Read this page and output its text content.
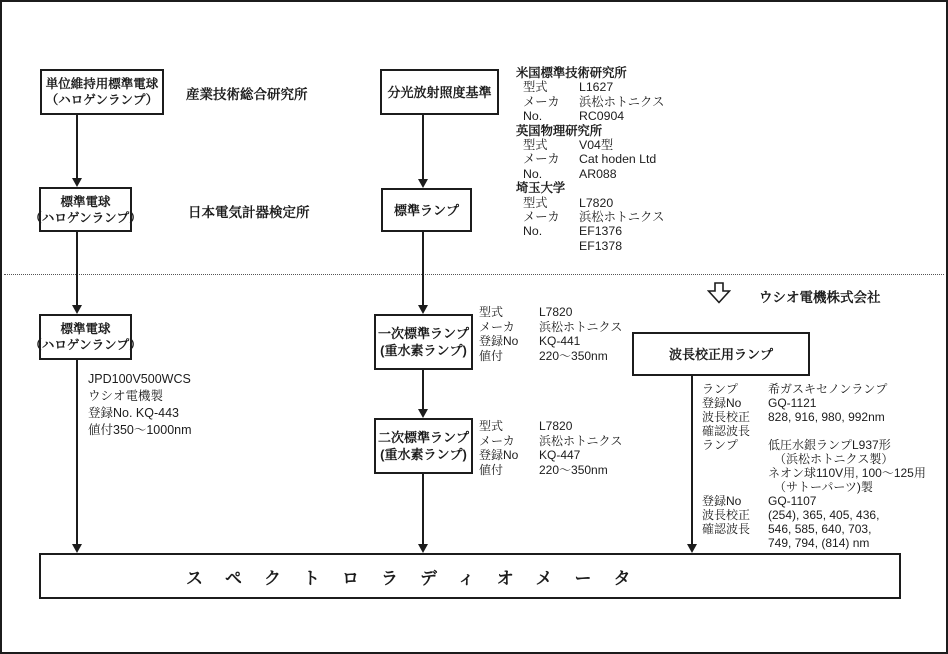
単位維持用標準電球
（ハロゲンランプ） 産業技術総合研究所
標準電球
（ハロゲンランプ）	日本電気計器検定所
標準電球
（ハロゲンランプ）
JPD100V500WCS
ウシオ電機製
登録No. KQ-443
値付350～1000nm
分光放射照度基準
標準ランプ
一次標準ランプ
(重水素ランプ)
型式	L7820
メーカ	浜松ホトニクス
登録No	KQ-441
値付	220～350nm
二次標準ランプ
(重水素ランプ)
型式	L7820
メーカ	浜松ホトニクス
登録No	KQ-447
値付	220～350nm
米国標準技術研究所
型式	L1627
メーカ	浜松ホトニクス
No.	RC0904
英国物理研究所
型式	V04型
メーカ	Cat hoden Ltd
No.	AR088
埼玉大学
型式	L7820
メーカ	浜松ホトニクス
No.	EF1376
EF1378
ウシオ電機株式会社
波長校正用ランプ
ランプ	希ガスキセノンランプ
登録No	GQ-1121
波長校正	828, 916, 980, 992nm
確認波長
ランプ	低圧水銀ランプL937形
（浜松ホトニクス製）
ネオン球110V用, 100～125用
（サトーパーツ)製
登録No	GQ-1107
波長校正	(254), 365, 405, 436,
確認波長	546, 585, 640, 703,
749, 794, (814) nm
スペクトロラディオメータ
